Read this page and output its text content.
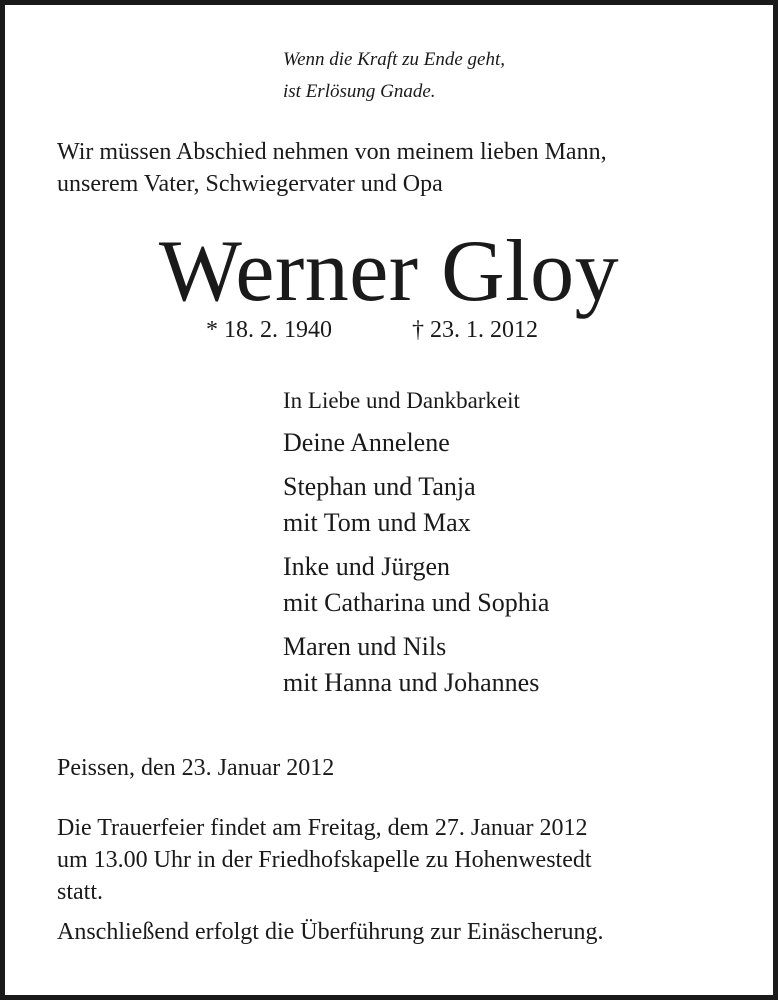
Wenn die Kraft zu Ende geht,
ist Erlösung Gnade.
Wir müssen Abschied nehmen von meinem lieben Mann,
unserem Vater, Schwiegervater und Opa
Werner Gloy
* 18. 2. 1940	† 23. 1. 2012
In Liebe und Dankbarkeit
Deine Annelene
Stephan und Tanja
mit Tom und Max
Inke und Jürgen
mit Catharina und Sophia
Maren und Nils
mit Hanna und Johannes
Peissen, den 23. Januar 2012
Die Trauerfeier findet am Freitag, dem 27. Januar 2012
um 13.00 Uhr in der Friedhofskapelle zu Hohenwestedt
statt.
Anschließend erfolgt die Überführung zur Einäscherung.
